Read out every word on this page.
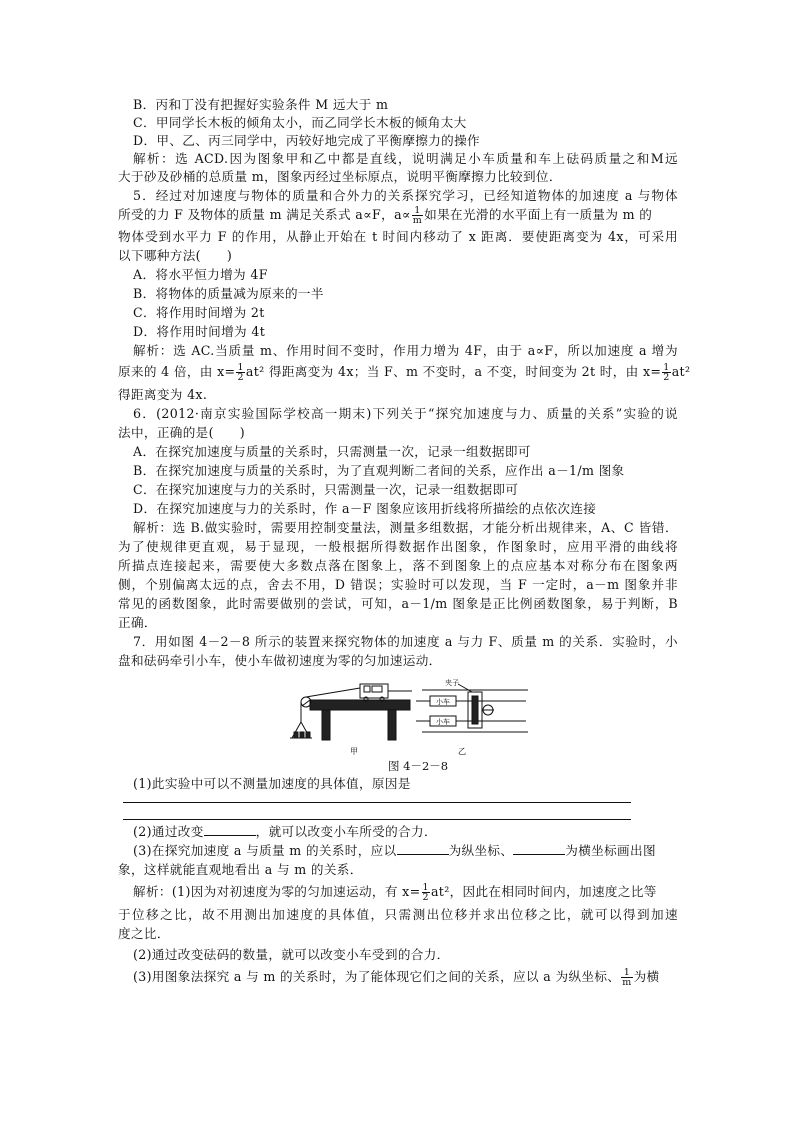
B．丙和丁没有把握好实验条件 M 远大于 m
C．甲同学长木板的倾角太小，而乙同学长木板的倾角太大
D．甲、乙、丙三同学中，丙较好地完成了平衡摩擦力的操作
解析：选 ACD.因为图象甲和乙中都是直线，说明满足小车质量和车上砝码质量之和M远
大于砂及砂桶的总质量 m，图象丙经过坐标原点，说明平衡摩擦力比较到位．
5．经过对加速度与物体的质量和合外力的关系探究学习，已经知道物体的加速度 a 与物体
所受的力 F 及物体的质量 m 满足关系式 a∝F，$a\propto \frac{1}{m}$ 如果在光滑的水平面上有一质量为 m 的
物体受到水平力 F 的作用，从静止开始在 t 时间内移动了 x 距离．要使距离变为 4x，可采用
以下哪种方法(　　)
A．将水平恒力增为 4F
B．将物体的质量减为原来的一半
C．将作用时间增为 2t
D．将作用时间增为 4t
解析：选 AC.当质量 m、作用时间不变时，作用力增为 4F，由于 a∝F，所以加速度 a 增为
原来的 4 倍，由 $x= \frac{1}{2} at^2$ 得距离变为 4x；当 F、m 不变时，a 不变，时间变为 2t 时，由 $x= \frac{1}{2} at^2$
得距离变为 4x.
6．(2012·南京实验国际学校高一期末)下列关于“探究加速度与力、质量的关系”实验的说
法中，正确的是(　　)
A．在探究加速度与质量的关系时，只需测量一次，记录一组数据即可
B．在探究加速度与质量的关系时，为了直观判断二者间的关系，应作出 a－1/m 图象
C．在探究加速度与力的关系时，只需测量一次，记录一组数据即可
D．在探究加速度与力的关系时，作 a－F 图象应该用折线将所描绘的点依次连接
解析：选 B.做实验时，需要用控制变量法，测量多组数据，才能分析出规律来，A、C 皆错．
为了使规律更直观，易于显现，一般根据所得数据作出图象，作图象时，应用平滑的曲线将
所描点连接起来，需要使大多数点落在图象上，落不到图象上的点应基本对称分布在图象两
侧，个别偏离太远的点，舍去不用，D 错误；实验时可以发现，当 F 一定时，a－m 图象并非
常见的函数图象，此时需要做别的尝试，可知，a－1/m 图象是正比例函数图象，易于判断，B
正确．
7．用如图 4－2－8 所示的装置来探究物体的加速度 a 与力 F、质量 m 的关系．实验时，小
盘和砝码牵引小车，使小车做初速度为零的匀加速运动．
甲	乙
夹子
小车
小车
图 4－2－8
(1)此实验中可以不测量加速度的具体值，原因是
(2)通过改变	，就可以改变小车所受的合力．
(3)在探究加速度 a 与质量 m 的关系时，应以	为纵坐标、	为横坐标画出图
象，这样就能直观地看出 a 与 m 的关系．
解析：(1)因为对初速度为零的匀加速运动，有 $x= \frac{1}{2} at^2$，因此在相同时间内，加速度之比等
于位移之比，故不用测出加速度的具体值，只需测出位移并求出位移之比，就可以得到加速
度之比．
(2)通过改变砝码的数量，就可以改变小车受到的合力．
(3)用图象法探究 a 与 m 的关系时，为了能体现它们之间的关系，应以 a 为纵坐标、 $\frac{1}{m}$ 为横
